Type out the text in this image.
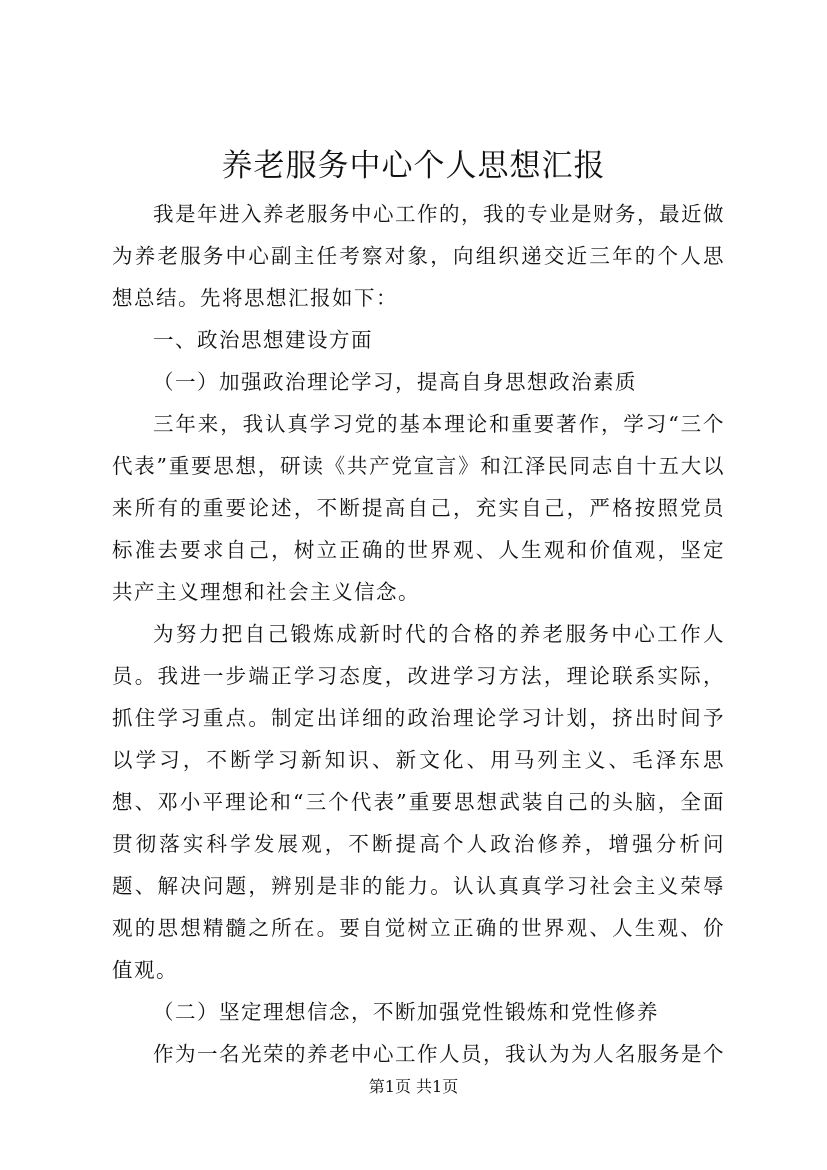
养老服务中心个人思想汇报

我是年进入养老服务中心工作的，我的专业是财务，最近做为养老服务中心副主任考察对象，向组织递交近三年的个人思想总结。先将思想汇报如下：

一、政治思想建设方面

（一）加强政治理论学习，提高自身思想政治素质

三年来，我认真学习党的基本理论和重要著作，学习“三个代表”重要思想，研读《共产党宣言》和江泽民同志自十五大以来所有的重要论述，不断提高自己，充实自己，严格按照党员标准去要求自己，树立正确的世界观、人生观和价值观，坚定共产主义理想和社会主义信念。

为努力把自己锻炼成新时代的合格的养老服务中心工作人员。我进一步端正学习态度，改进学习方法，理论联系实际，抓住学习重点。制定出详细的政治理论学习计划，挤出时间予以学习，不断学习新知识、新文化、用马列主义、毛泽东思想、邓小平理论和“三个代表”重要思想武装自己的头脑，全面贯彻落实科学发展观，不断提高个人政治修养，增强分析问题、解决问题，辨别是非的能力。认认真真学习社会主义荣辱观的思想精髓之所在。要自觉树立正确的世界观、人生观、价值观。

（二）坚定理想信念，不断加强党性锻炼和党性修养

作为一名光荣的养老中心工作人员，我认为为人名服务是个

第1页 共1页
